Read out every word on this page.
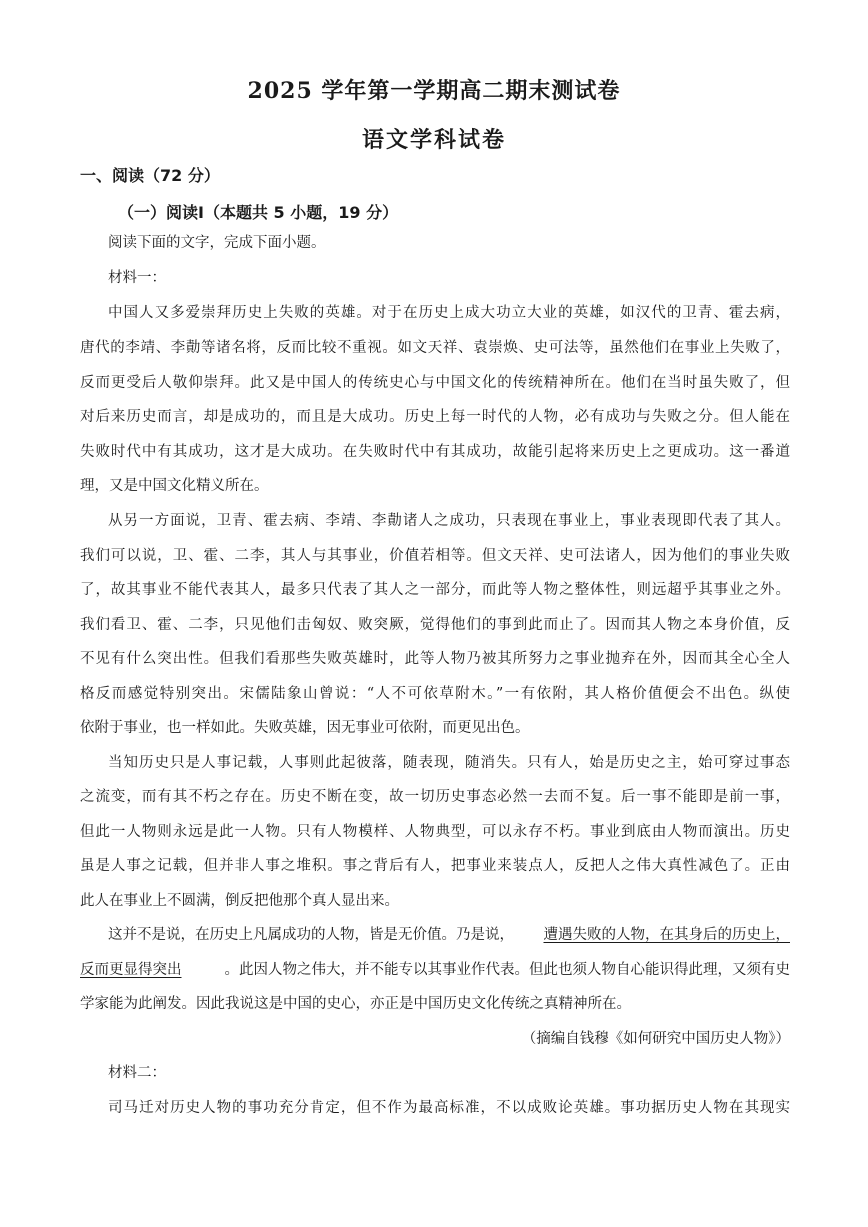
2025 学年第一学期高二期末测试卷
语文学科试卷
一、阅读（72 分）
（一）阅读Ⅰ（本题共 5 小题，19 分）
阅读下面的文字，完成下面小题。
材料一：
中国人又多爱崇拜历史上失败的英雄。对于在历史上成大功立大业的英雄，如汉代的卫青、霍去病，
唐代的李靖、李勣等诸名将，反而比较不重视。如文天祥、袁崇焕、史可法等，虽然他们在事业上失败了，
反而更受后人敬仰崇拜。此又是中国人的传统史心与中国文化的传统精神所在。他们在当时虽失败了，但
对后来历史而言，却是成功的，而且是大成功。历史上每一时代的人物，必有成功与失败之分。但人能在
失败时代中有其成功，这才是大成功。在失败时代中有其成功，故能引起将来历史上之更成功。这一番道
理，又是中国文化精义所在。
从另一方面说，卫青、霍去病、李靖、李勣诸人之成功，只表现在事业上，事业表现即代表了其人。
我们可以说，卫、霍、二李，其人与其事业，价值若相等。但文天祥、史可法诸人，因为他们的事业失败
了，故其事业不能代表其人，最多只代表了其人之一部分，而此等人物之整体性，则远超乎其事业之外。
我们看卫、霍、二李，只见他们击匈奴、败突厥，觉得他们的事到此而止了。因而其人物之本身价值，反
不见有什么突出性。但我们看那些失败英雄时，此等人物乃被其所努力之事业抛弃在外，因而其全心全人
格反而感觉特别突出。宋儒陆象山曾说：“人不可依草附木。”一有依附，其人格价值便会不出色。纵使
依附于事业，也一样如此。失败英雄，因无事业可依附，而更见出色。
当知历史只是人事记载，人事则此起彼落，随表现，随消失。只有人，始是历史之主，始可穿过事态
之流变，而有其不朽之存在。历史不断在变，故一切历史事态必然一去而不复。后一事不能即是前一事，
但此一人物则永远是此一人物。只有人物模样、人物典型，可以永存不朽。事业到底由人物而演出。历史
虽是人事之记载，但并非人事之堆积。事之背后有人，把事业来装点人，反把人之伟大真性减色了。正由
此人在事业上不圆满，倒反把他那个真人显出来。
这并不是说，在历史上凡属成功的人物，皆是无价值。乃是说， 遭遇失败的人物，在其身后的历史上，
反而更显得突出	。此因人物之伟大，并不能专以其事业作代表。但此也须人物自心能识得此理，又须有史
学家能为此阐发。因此我说这是中国的史心，亦正是中国历史文化传统之真精神所在。
（摘编自钱穆《如何研究中国历史人物》）
材料二：
司马迁对历史人物的事功充分肯定，但不作为最高标准，不以成败论英雄。事功据历史人物在其现实
